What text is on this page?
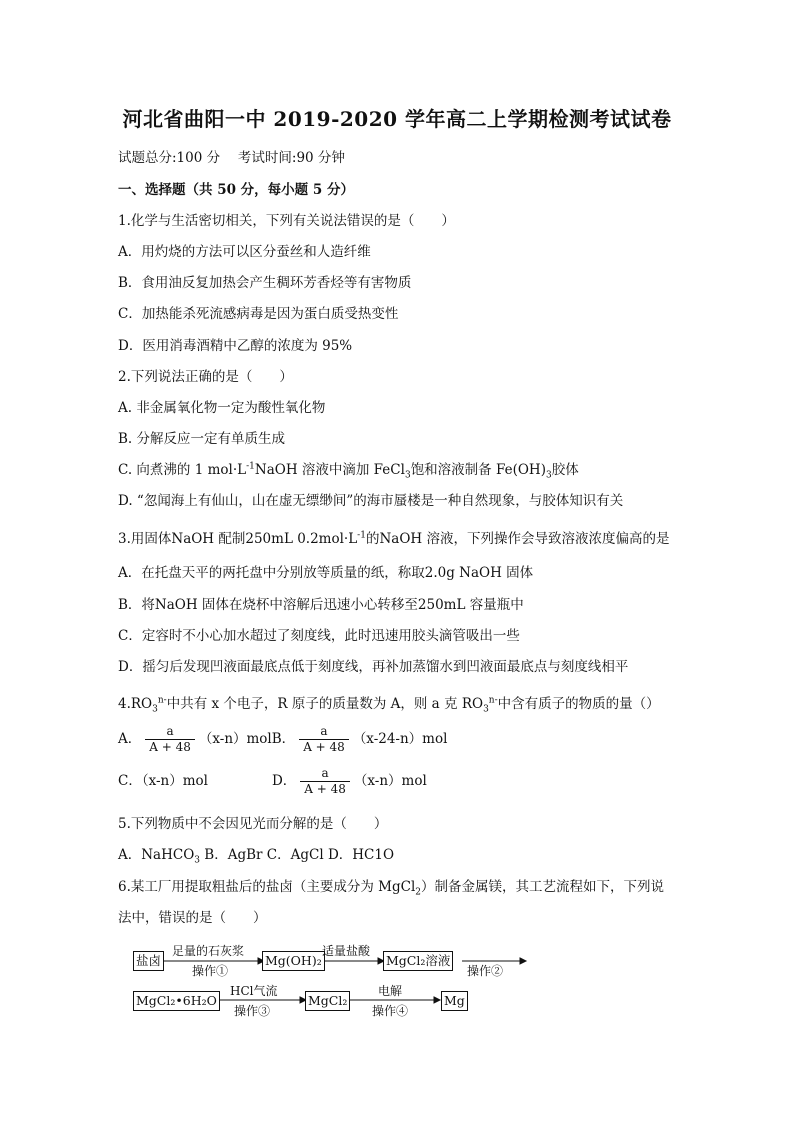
河北省曲阳一中 2019-2020 学年高二上学期检测考试试卷
试题总分:100 分　 考试时间:90 分钟
一、选择题（共 50 分，每小题 5 分）
1.化学与生活密切相关，下列有关说法错误的是（　　）
A．用灼烧的方法可以区分蚕丝和人造纤维
B．食用油反复加热会产生稠环芳香烃等有害物质
C．加热能杀死流感病毒是因为蛋白质受热变性
D．医用消毒酒精中乙醇的浓度为 95%
2.下列说法正确的是（　　）
A. 非金属氧化物一定为酸性氧化物
B. 分解反应一定有单质生成
C. 向煮沸的 1 $mol\cdot L^{-1}NaOH$ 溶液中滴加 FeCl$_3$饱和溶液制备 $Fe(OH)_3$胶体
D. “忽闻海上有仙山，山在虚无缥缈间”的海市蜃楼是一种自然现象，与胶体知识有关
3.用固体NaOH 配制250mL $0.2mol\cdot L^{-1}$的NaOH 溶液，下列操作会导致溶液浓度偏高的是
A．在托盘天平的两托盘中分别放等质量的纸，称取2.0g NaOH 固体
B．将NaOH 固体在烧杯中溶解后迅速小心转移至250mL 容量瓶中
C．定容时不小心加水超过了刻度线，此时迅速用胶头滴管吸出一些
D．摇匀后发现凹液面最底点低于刻度线，再补加蒸馏水到凹液面最底点与刻度线相平
$4.RO_3^{n-}$中共有 x 个电子，R 原子的质量数为 A，则 a 克 $RO_3^{n-}$中含有质子的物质的量（）
A． $\frac{a}{A + 48}$ （x-n）molB． $\frac{a}{A + 48} (x-24-n)mol$
C．（x-n）mol	D． $\frac{a}{A + 48} (x-n)mol$
5.下列物质中不会因见光而分解的是（　　）
A．NaHCO$_3$ B．AgBr C．AgCl D．HC1O
6.某工厂用提取粗盐后的盐卤（主要成分为 MgCl$_2$）制备金属镁，其工艺流程如下，下列说
法中，错误的是（　　）
盐卤
足量的石灰浆
操作①
Mg(OH)₂
适量盐酸
MgCl₂溶液
操作②
MgCl₂•6H₂O
HCl气流
操作③
MgCl₂
电解
操作④
Mg
